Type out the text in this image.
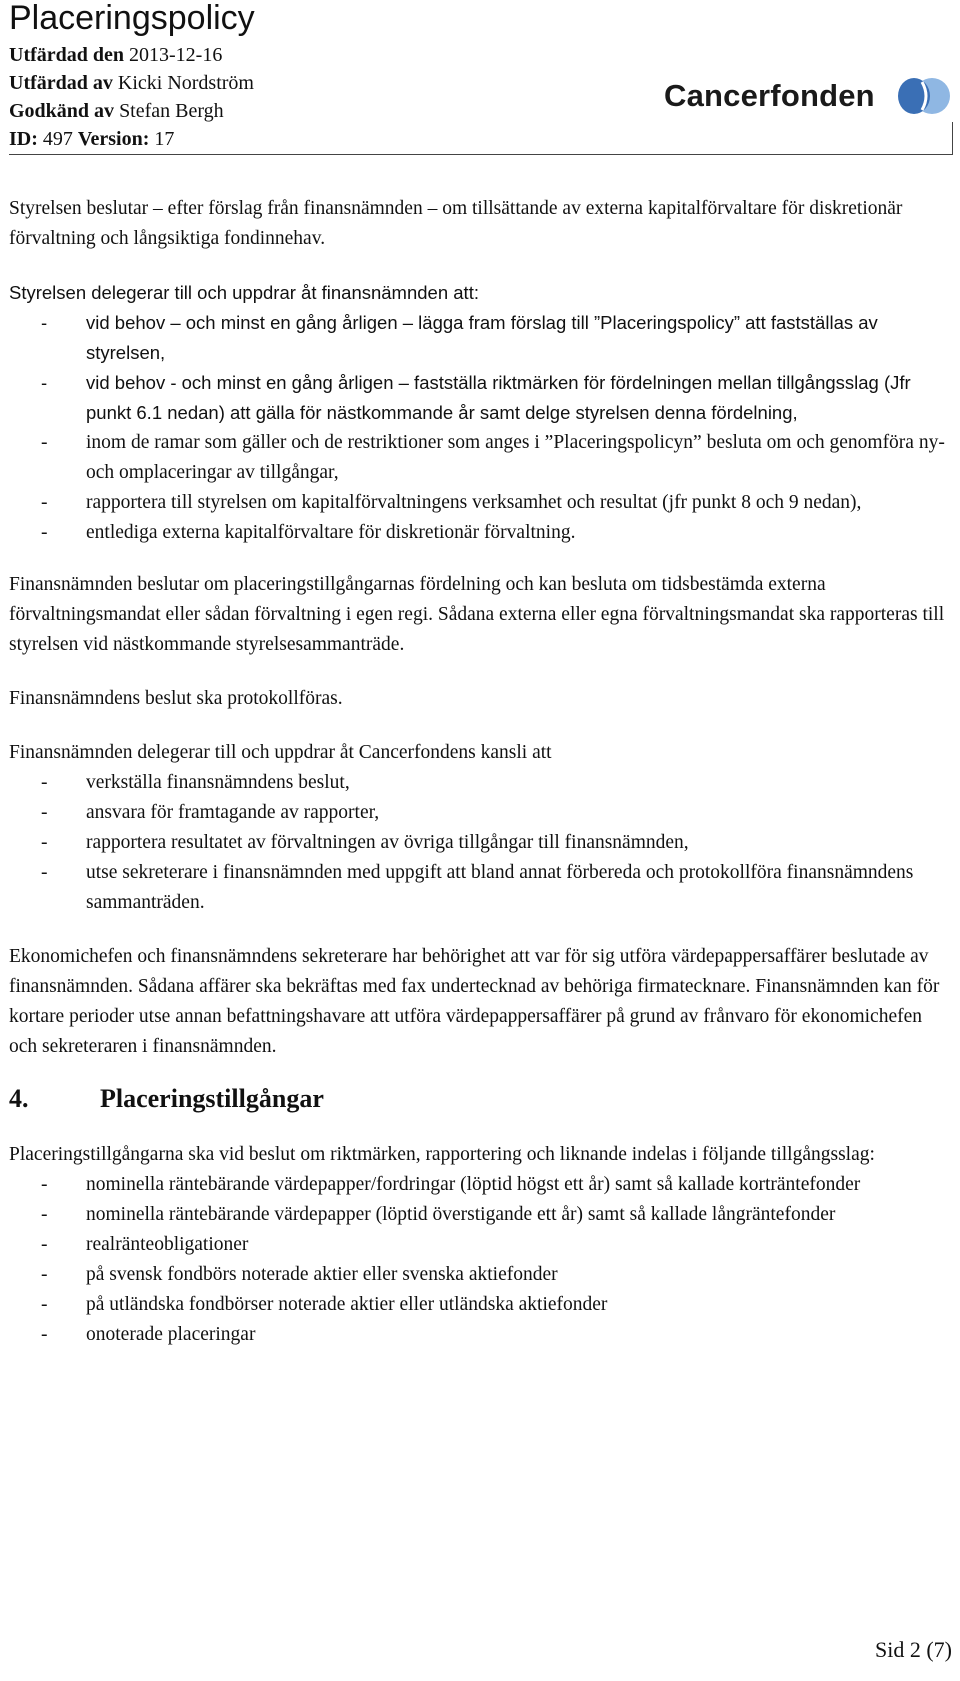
Placeringspolicy
Utfärdad den 2013-12-16
Utfärdad av Kicki Nordström
Godkänd av Stefan Bergh
ID: 497 Version: 17
Cancerfonden

Styrelsen beslutar – efter förslag från finansnämnden – om tillsättande av externa kapitalförvaltare för diskretionär förvaltning och långsiktiga fondinnehav.

Styrelsen delegerar till och uppdrar åt finansnämnden att:

- vid behov – och minst en gång årligen – lägga fram förslag till ”Placeringspolicy” att fastställas av styrelsen,
- vid behov - och minst en gång årligen – fastställa riktmärken för fördelningen mellan tillgångsslag (Jfr punkt 6.1 nedan) att gälla för nästkommande år samt delge styrelsen denna fördelning,
- inom de ramar som gäller och de restriktioner som anges i ”Placeringspolicyn” besluta om och genomföra ny- och omplaceringar av tillgångar,
- rapportera till styrelsen om kapitalförvaltningens verksamhet och resultat (jfr punkt 8 och 9 nedan),
- entlediga externa kapitalförvaltare för diskretionär förvaltning.

Finansnämnden beslutar om placeringstillgångarnas fördelning och kan besluta om tidsbestämda externa förvaltningsmandat eller sådan förvaltning i egen regi. Sådana externa eller egna förvaltningsmandat ska rapporteras till styrelsen vid nästkommande styrelsesammanträde.

Finansnämndens beslut ska protokollföras.

Finansnämnden delegerar till och uppdrar åt Cancerfondens kansli att

- verkställa finansnämndens beslut,
- ansvara för framtagande av rapporter,
- rapportera resultatet av förvaltningen av övriga tillgångar till finansnämnden,
- utse sekreterare i finansnämnden med uppgift att bland annat förbereda och protokollföra finansnämndens sammanträden.

Ekonomichefen och finansnämndens sekreterare har behörighet att var för sig utföra värdepappersaffärer beslutade av finansnämnden. Sådana affärer ska bekräftas med fax undertecknad av behöriga firmatecknare. Finansnämnden kan för kortare perioder utse annan befattningshavare att utföra värdepappersaffärer på grund av frånvaro för ekonomichefen och sekreteraren i finansnämnden.

4.	Placeringstillgångar

Placeringstillgångarna ska vid beslut om riktmärken, rapportering och liknande indelas i följande tillgångsslag:

- nominella räntebärande värdepapper/fordringar (löptid högst ett år) samt så kallade korträntefonder
- nominella räntebärande värdepapper (löptid överstigande ett år) samt så kallade långräntefonder
- realränteobligationer
- på svensk fondbörs noterade aktier eller svenska aktiefonder
- på utländska fondbörser noterade aktier eller utländska aktiefonder
- onoterade placeringar
Sid 2 (7)
